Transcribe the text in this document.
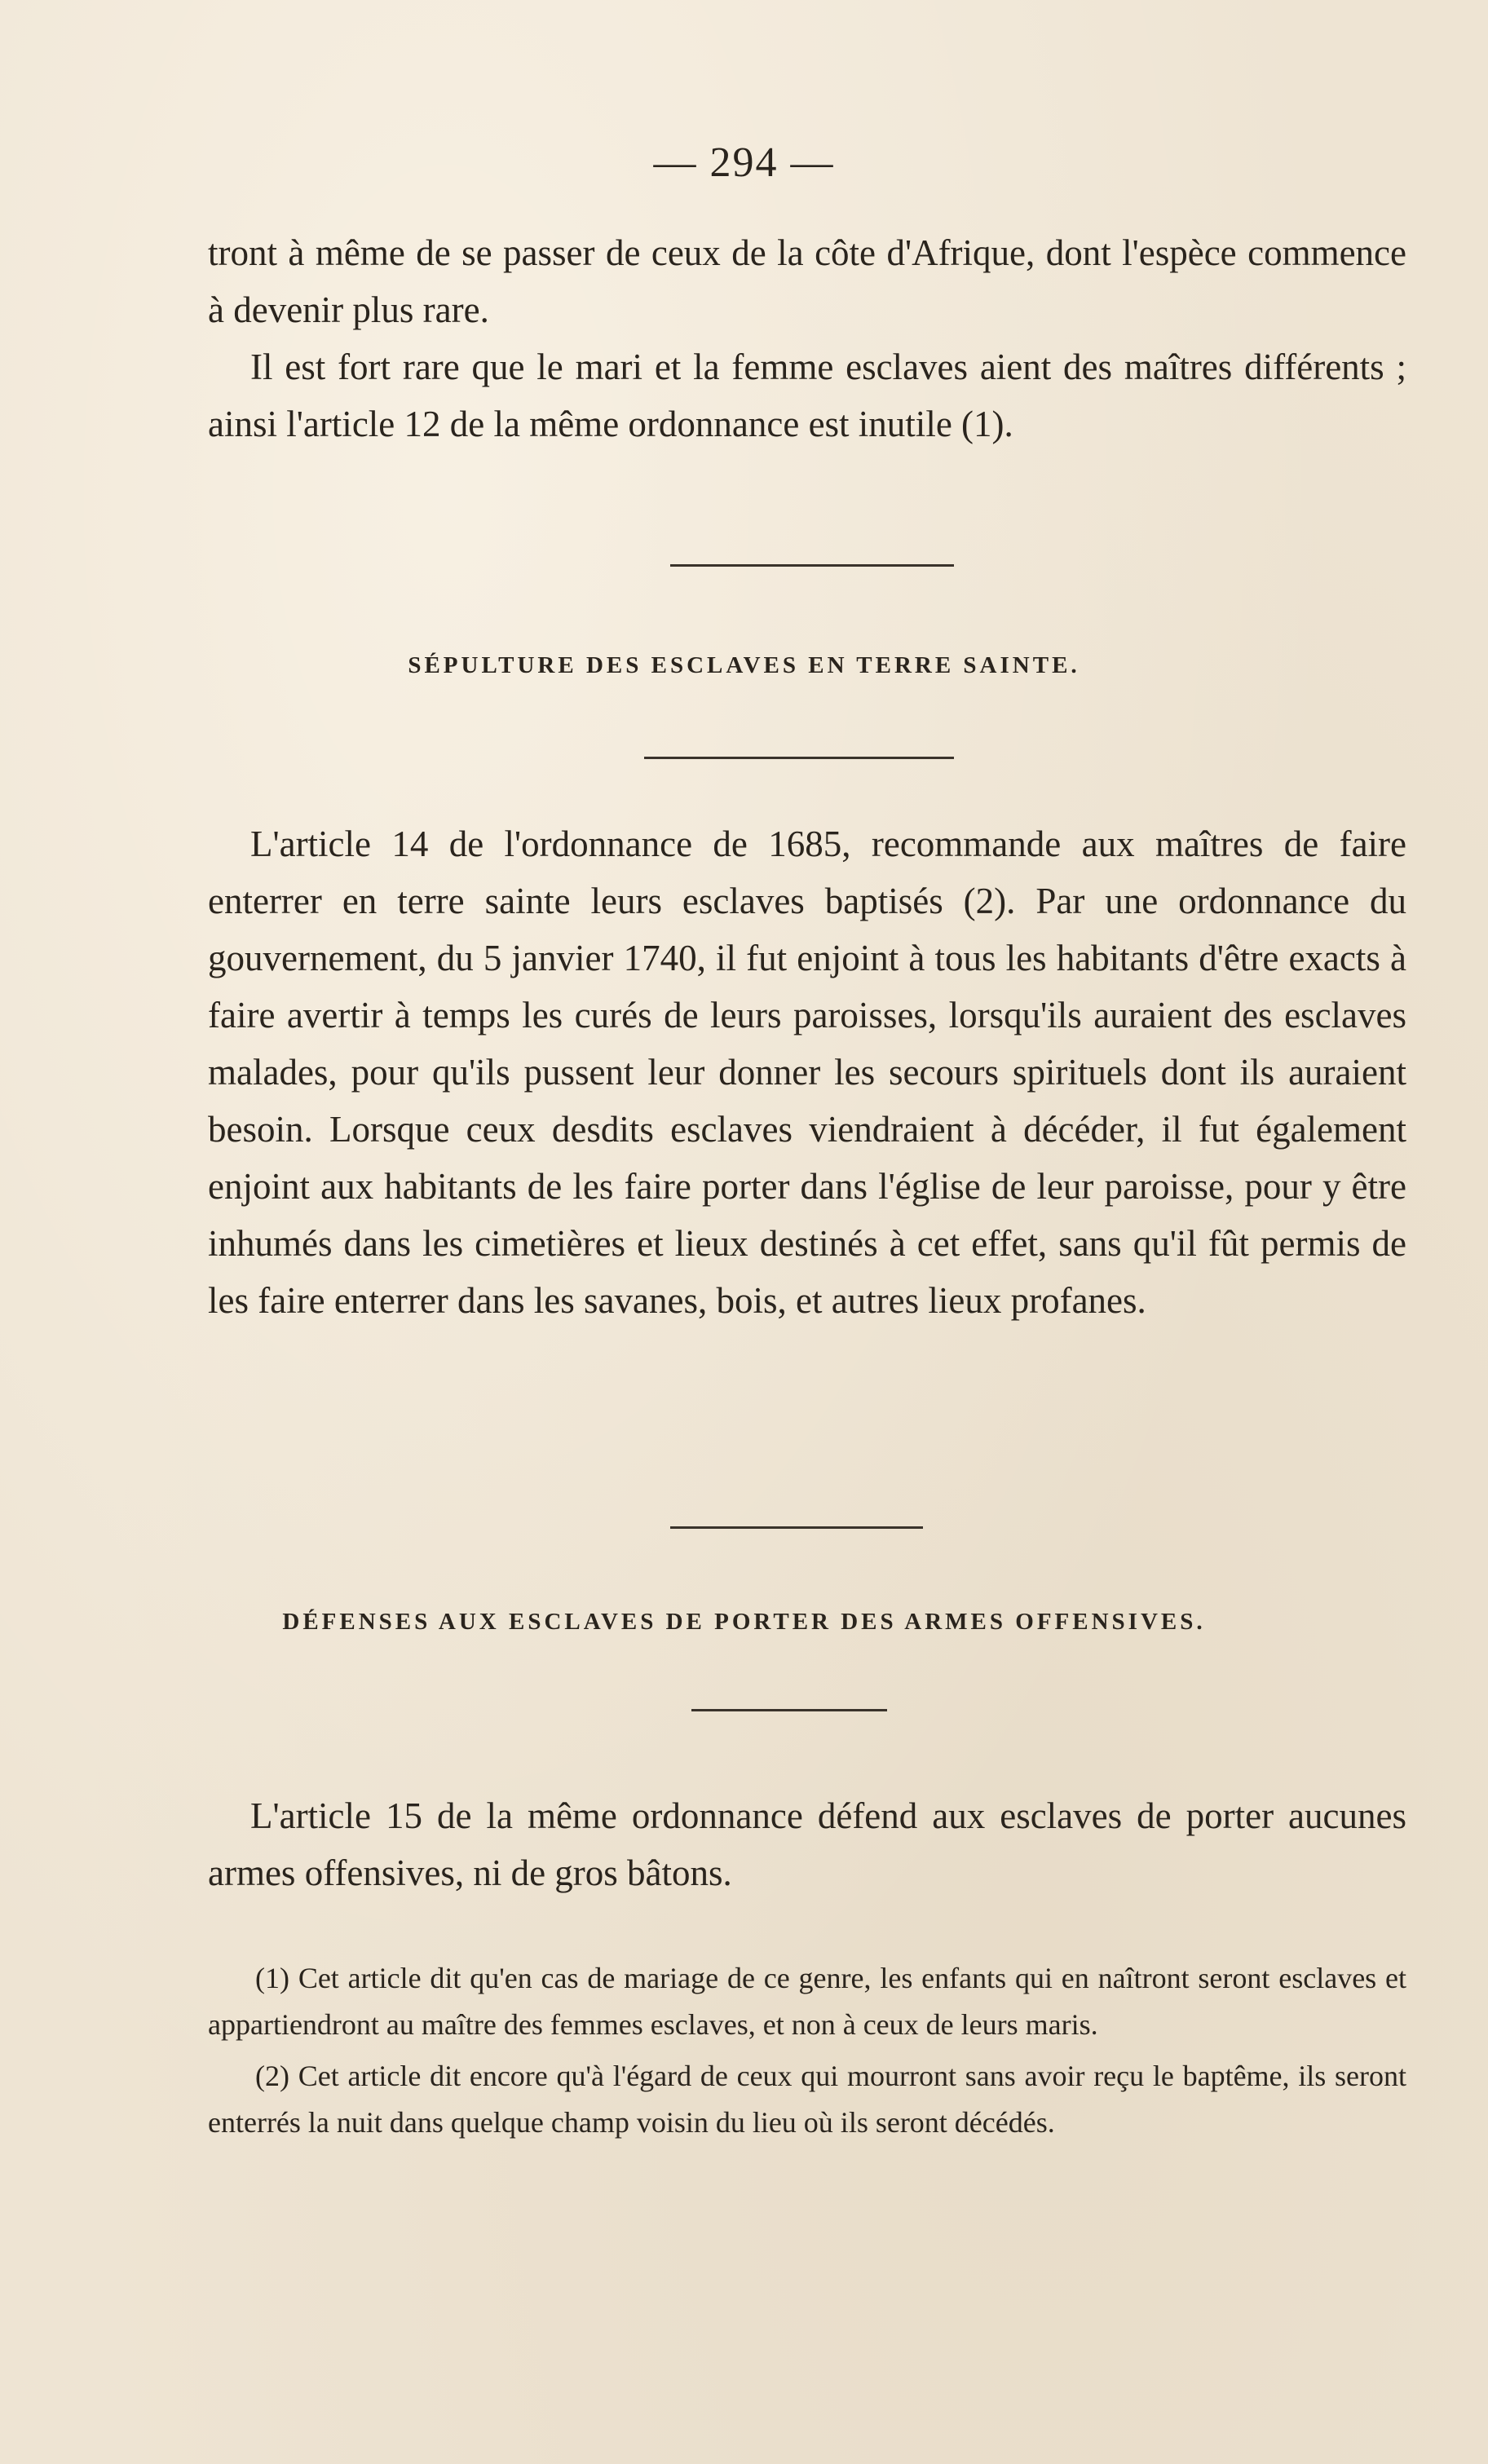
— 294 —

tront à même de se passer de ceux de la côte d'Afrique, dont l'espèce commence à devenir plus rare.

Il est fort rare que le mari et la femme esclaves aient des maîtres différents ; ainsi l'article 12 de la même ordonnance est inutile (1).

SÉPULTURE DES ESCLAVES EN TERRE SAINTE.

L'article 14 de l'ordonnance de 1685, recommande aux maîtres de faire enterrer en terre sainte leurs esclaves baptisés (2). Par une ordonnance du gouvernement, du 5 janvier 1740, il fut enjoint à tous les habitants d'être exacts à faire avertir à temps les curés de leurs paroisses, lorsqu'ils auraient des esclaves malades, pour qu'ils pussent leur donner les secours spirituels dont ils auraient besoin. Lorsque ceux desdits esclaves viendraient à décéder, il fut également enjoint aux habitants de les faire porter dans l'église de leur paroisse, pour y être inhumés dans les cimetières et lieux destinés à cet effet, sans qu'il fût permis de les faire enterrer dans les savanes, bois, et autres lieux profanes.

DÉFENSES AUX ESCLAVES DE PORTER DES ARMES OFFENSIVES.

L'article 15 de la même ordonnance défend aux esclaves de porter aucunes armes offensives, ni de gros bâtons.

(1) Cet article dit qu'en cas de mariage de ce genre, les enfants qui en naîtront seront esclaves et appartiendront au maître des femmes esclaves, et non à ceux de leurs maris.

(2) Cet article dit encore qu'à l'égard de ceux qui mourront sans avoir reçu le baptême, ils seront enterrés la nuit dans quelque champ voisin du lieu où ils seront décédés.
